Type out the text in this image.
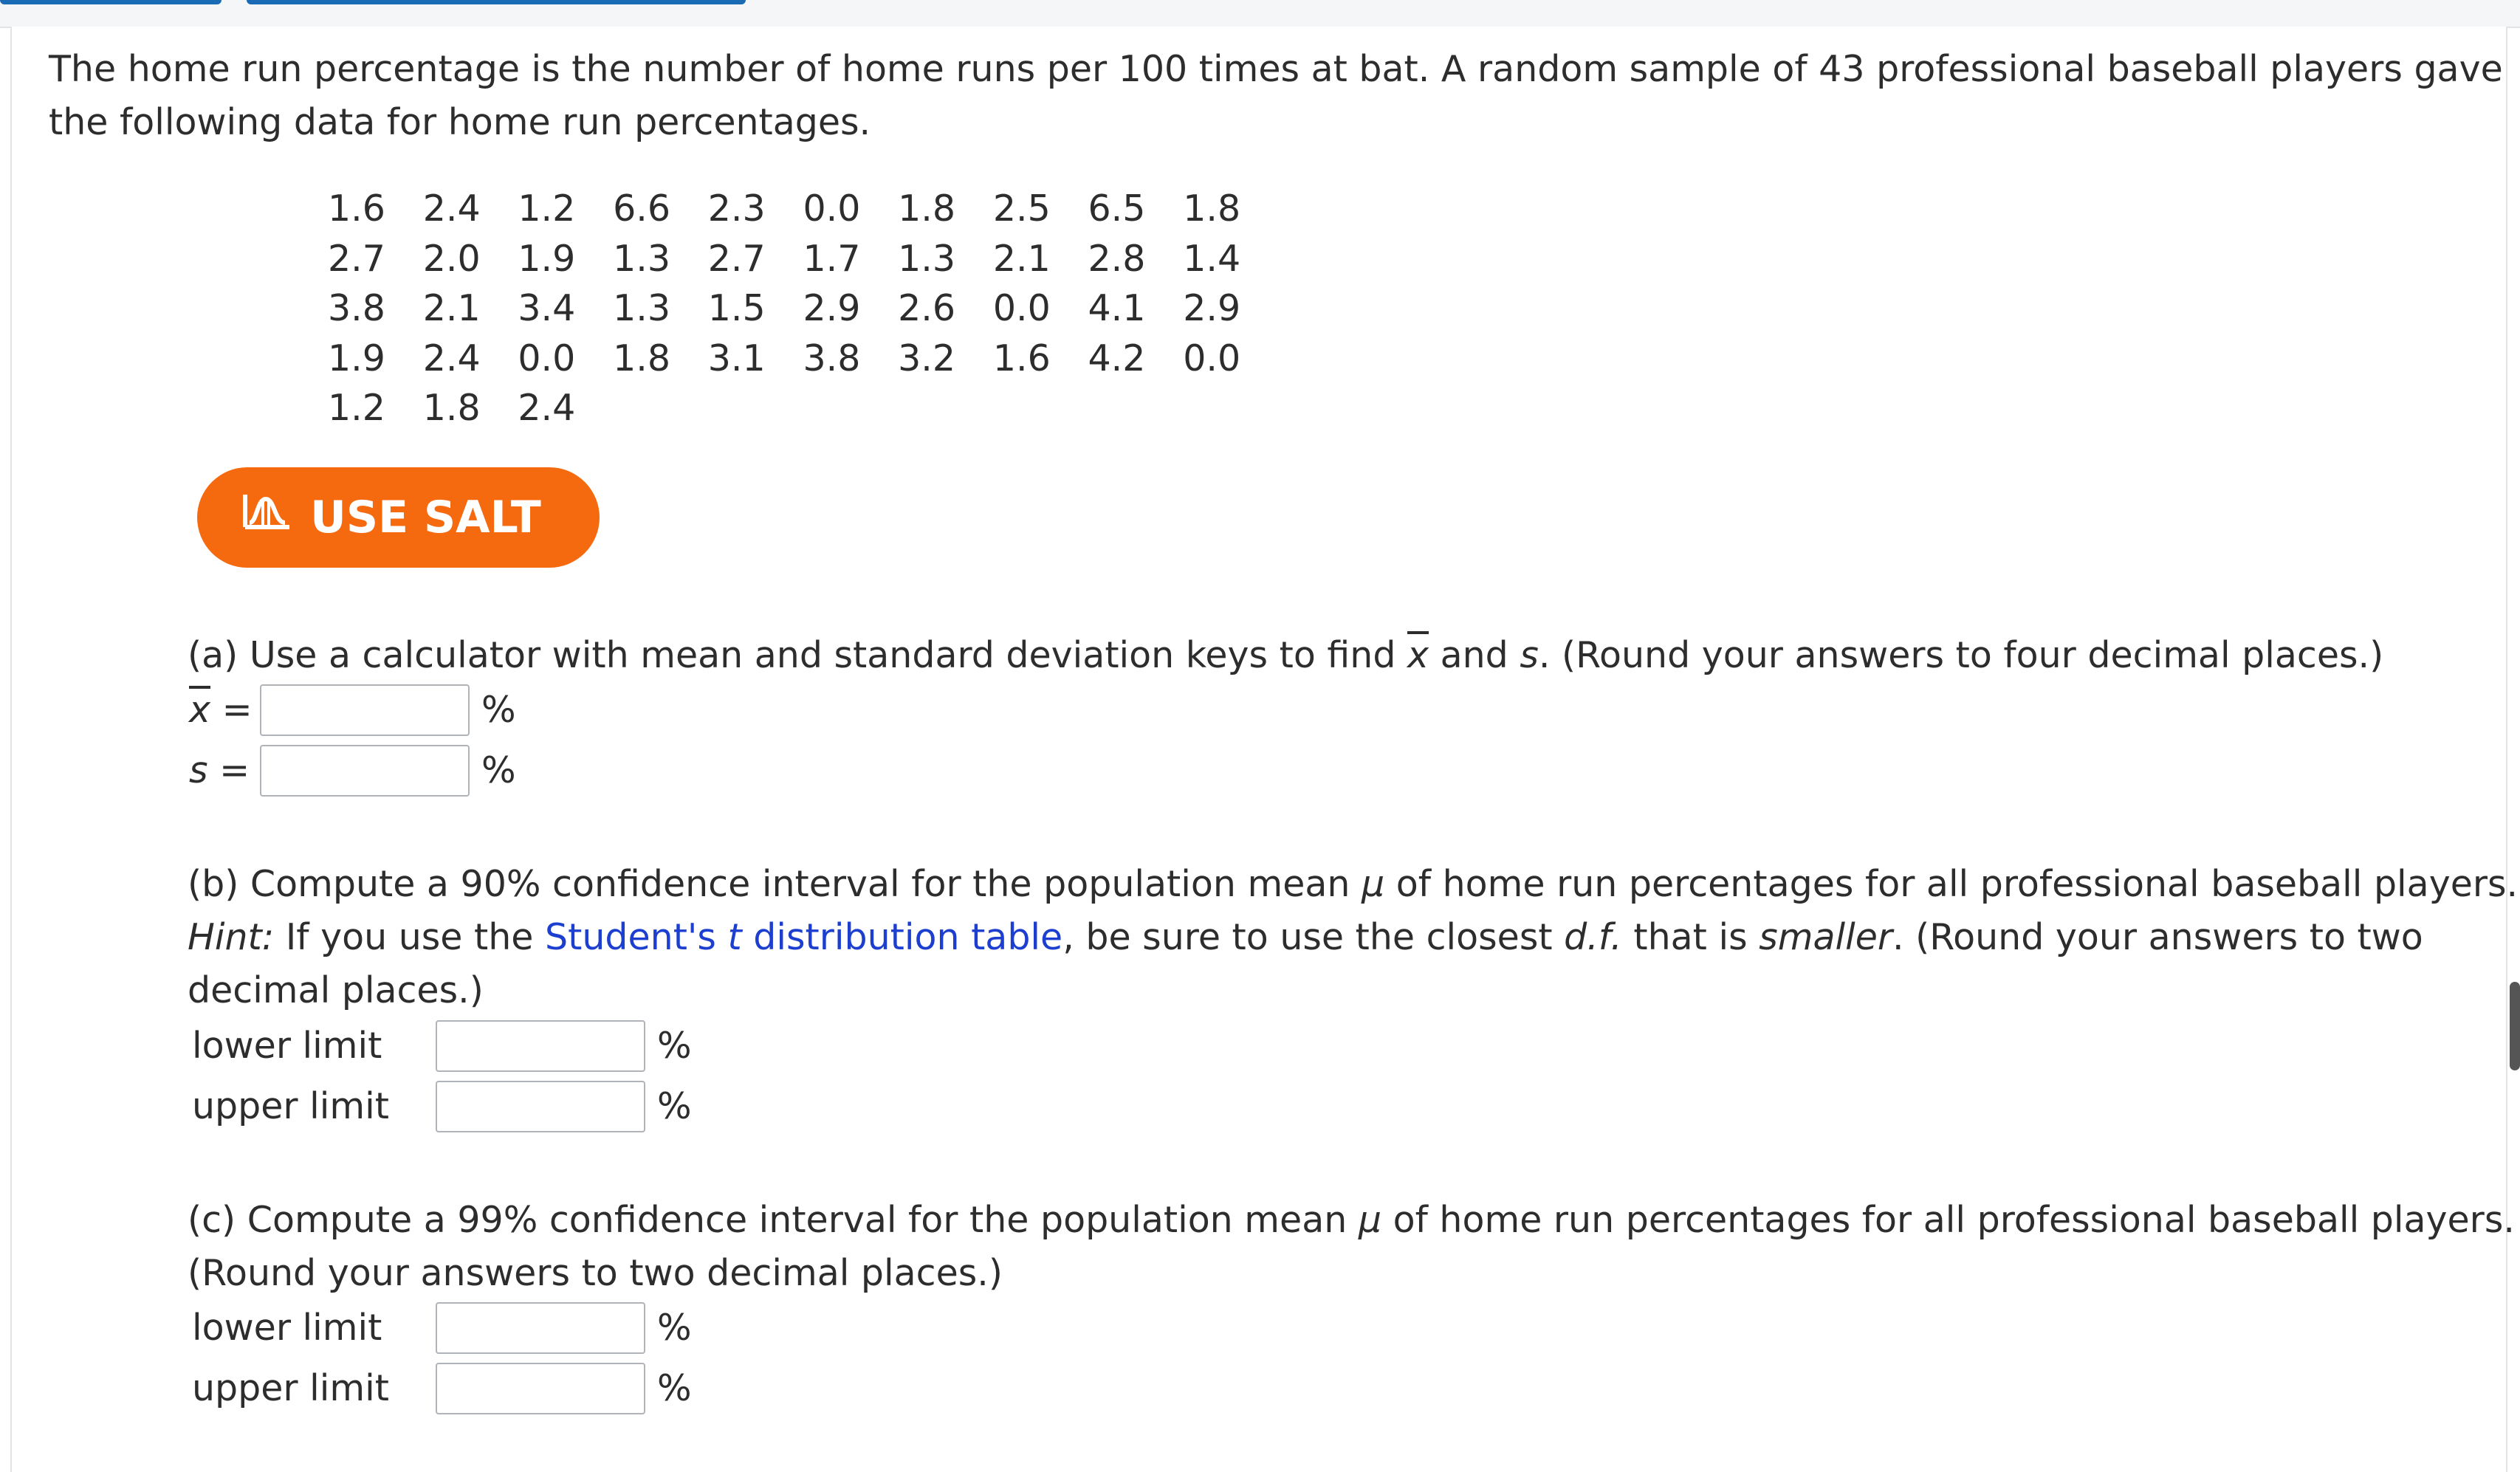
The home run percentage is the number of home runs per 100 times at bat. A random sample of 43 professional baseball players gave
the following data for home run percentages.
1.6	2.4	1.2	6.6	2.3	0.0	1.8	2.5	6.5	1.8
2.7	2.0	1.9	1.3	2.7	1.7	1.3	2.1	2.8	1.4
3.8	2.1	3.4	1.3	1.5	2.9	2.6	0.0	4.1	2.9
1.9	2.4	0.0	1.8	3.1	3.8	3.2	1.6	4.2	0.0
1.2	1.8	2.4							
USE SALT
(a) Use a calculator with mean and standard deviation keys to find $\overline{x}$ and s. (Round your answers to four decimal places.)
$\overline{x}$ =	%
s =	%
(b) Compute a 90% confidence interval for the population mean μ of home run percentages for all professional baseball players.
Hint: If you use the Student's t distribution table, be sure to use the closest d.f. that is smaller. (Round your answers to two
decimal places.)
lower limit	%
upper limit	%
(c) Compute a 99% confidence interval for the population mean μ of home run percentages for all professional baseball players.
(Round your answers to two decimal places.)
lower limit	%
upper limit	%
